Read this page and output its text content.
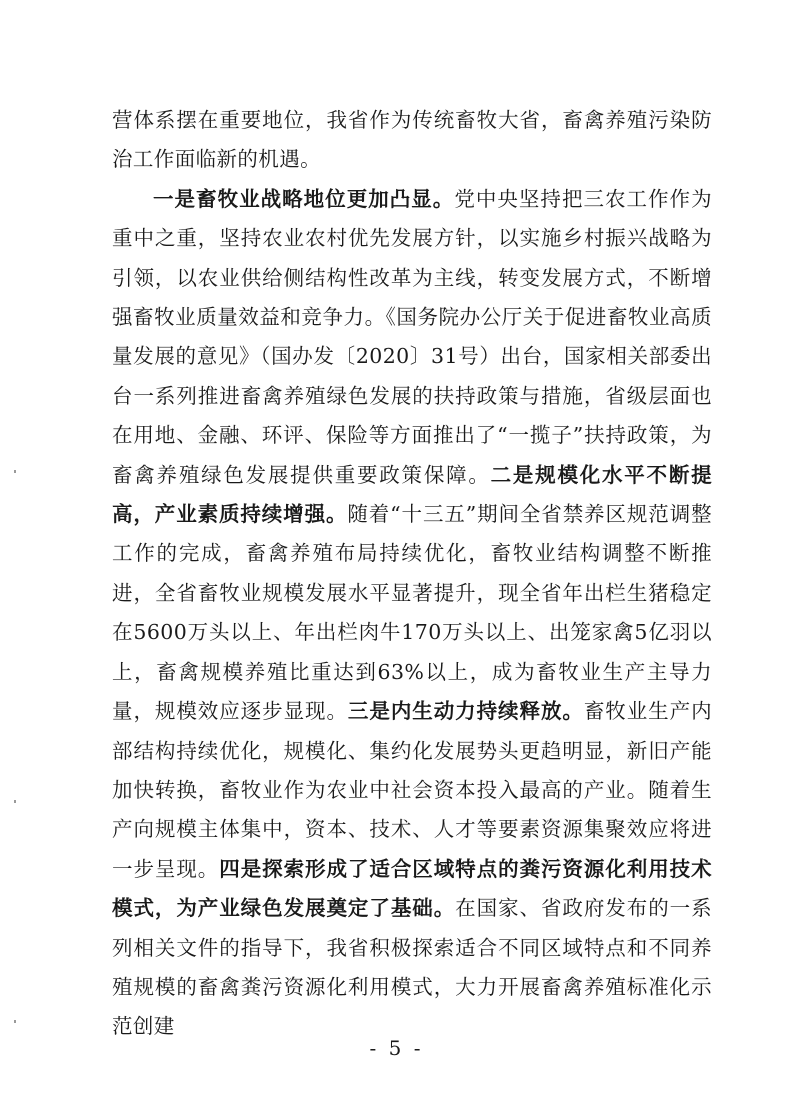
营体系摆在重要地位，我省作为传统畜牧大省，畜禽养殖污染防治工作面临新的机遇。

一是畜牧业战略地位更加凸显。党中央坚持把三农工作作为重中之重，坚持农业农村优先发展方针，以实施乡村振兴战略为引领，以农业供给侧结构性改革为主线，转变发展方式，不断增强畜牧业质量效益和竞争力。《国务院办公厅关于促进畜牧业高质量发展的意见》（国办发〔2020〕31号）出台，国家相关部委出台一系列推进畜禽养殖绿色发展的扶持政策与措施，省级层面也在用地、金融、环评、保险等方面推出了“一揽子”扶持政策，为畜禽养殖绿色发展提供重要政策保障。二是规模化水平不断提高，产业素质持续增强。随着“十三五”期间全省禁养区规范调整工作的完成，畜禽养殖布局持续优化，畜牧业结构调整不断推进，全省畜牧业规模发展水平显著提升，现全省年出栏生猪稳定在5600万头以上、年出栏肉牛170万头以上、出笼家禽5亿羽以上，畜禽规模养殖比重达到63%以上，成为畜牧业生产主导力量，规模效应逐步显现。三是内生动力持续释放。畜牧业生产内部结构持续优化，规模化、集约化发展势头更趋明显，新旧产能加快转换，畜牧业作为农业中社会资本投入最高的产业。随着生产向规模主体集中，资本、技术、人才等要素资源集聚效应将进一步呈现。四是探索形成了适合区域特点的粪污资源化利用技术模式，为产业绿色发展奠定了基础。在国家、省政府发布的一系列相关文件的指导下，我省积极探索适合不同区域特点和不同养殖规模的畜禽粪污资源化利用模式，大力开展畜禽养殖标准化示范创建

- 5 -
